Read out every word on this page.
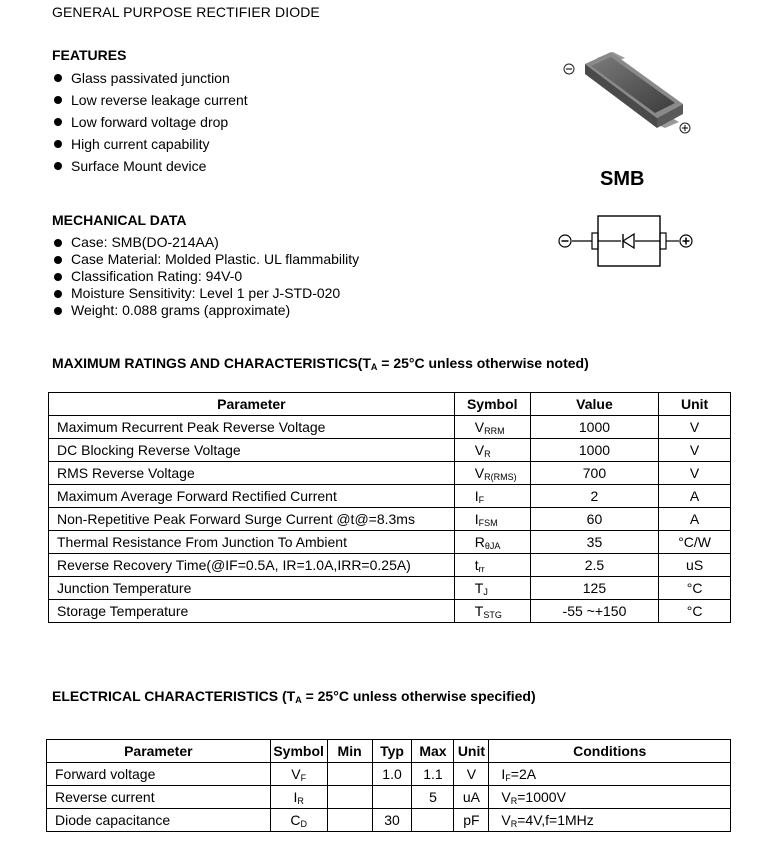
GENERAL PURPOSE RECTIFIER DIODE
FEATURES
Glass passivated junction
Low reverse leakage current
Low forward voltage drop
High current capability
Surface Mount device
SMB
MECHANICAL DATA
Case: SMB(DO-214AA)
Case Material: Molded Plastic. UL flammability
Classification Rating: 94V-0
Moisture Sensitivity: Level 1 per J-STD-020
Weight: 0.088 grams (approximate)
MAXIMUM RATINGS AND $CHARACTERISTICS(T_A = 25^\circ C$ unless otherwise noted)
Parameter	Symbol	Value	Unit
Maximum Recurrent Peak Reverse Voltage	$V_{RRM}$	1000	V
DC Blocking Reverse Voltage	$V_R$	1000	V
RMS Reverse Voltage	$V_{R(RMS)}$	700	V
Maximum Average Forward Rectified Current	$I_F$	2	A
Non-Repetitive Peak Forward Surge Current @t@=8.3ms	$I_{FSM}$	60	A
Thermal Resistance From Junction To Ambient	$R_{\theta JA}$	35	°C/W
Reverse Recovery Time(@IF=0.5A, IR=1.0A,IRR=0.25A)	$t_{rr}$	2.5	uS
Junction Temperature	$T_J$	125	°C
Storage Temperature	$T_{STG}$	-55 ~+150	°C
ELECTRICAL CHARACTERISTICS ($T_A = 25^\circ C$ unless otherwise specified)
Parameter	Symbol	Min	Typ	Max	Unit	Conditions
Forward voltage	$V_F$		1.0	1.1	V	$I_F=2A$
Reverse current	$I_R$			5	uA	$V_R=1000V$
Diode capacitance	$C_D$		30		pF	$V_R=4V,f=1MHz$
